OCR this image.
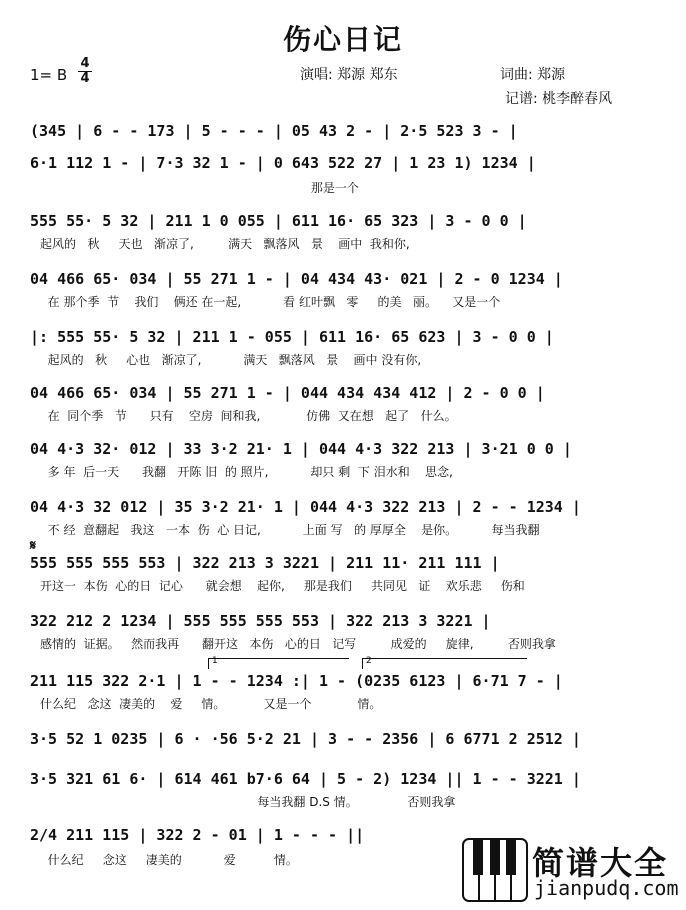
伤心日记
1= B
4
4	演唱: 郑源 郑东	词曲: 郑源
记谱: 桃李醉春风
(345 | 6 - - 173 | 5 - - - | 05 43 2 - | 2·5 523 3 - |
6·1 112 1 - | 7·3 32 1 - | 0 643 522 27 | 1 23 1) 1234 |
那是一个
555 55· 5 32 | 211 1 0 055 | 611 16· 65 323 | 3 - 0 0 |
起风的   秋     天也   渐凉了,         满天   飘落风   景    画中  我和你,
04 466 65· 034 | 55 271 1 - | 04 434 43· 021 | 2 - 0 1234 |
在 那个季  节    我们    俩还 在一起,           看 红叶飘   零     的美   丽。    又是一个
|: 555 55· 5 32 | 211 1 - 055 | 611 16· 65 623 | 3 - 0 0 |
起风的   秋     心也   渐凉了,           满天   飘落风   景    画中 没有你,
04 466 65· 034 | 55 271 1 - | 044 434 434 412 | 2 - 0 0 |
在  同个季   节      只有    空房  间和我,            仿佛  又在想   起了   什么。
04 4·3 32· 012 | 33 3·2 21· 1 | 044 4·3 322 213 | 3·21 0 0 |
多 年  后一天      我翻   开陈 旧  的 照片,           却只 剩  下 泪水和    思念,
04 4·3 32 012 | 35 3·2 21· 1 | 044 4·3 322 213 | 2 - - 1234 |
不 经  意翻起   我这   一本  伤  心 日记,           上面 写   的 厚厚全    是你。         每当我翻
𝄋
555 555 555 553 | 322 213 3 3221 | 211 11· 211 111 |
开这一  本伤  心的日  记心      就会想    起你,     那是我们     共同见   证    欢乐悲     伤和
322 212 2 1234 | 555 555 555 553 | 322 213 3 3221 |
感情的  证据。   然而我再      翻开这   本伤   心的日   记写         成爱的     旋律,         否则我拿
1	2
211 115 322 2·1 | 1 - - 1234 :| 1 - (0235 6123 | 6·71 7 - |
什么纪   念这  凄美的    爱     情。          又是一个            情。
3·5 52 1 0235 | 6 · ·56 5·2 21 | 3 - - 2356 | 6 6771 2 2512 |
3·5 321 61 6· | 614 461 b7·6 64 | 5 - 2) 1234 || 1 - - 3221 |
每当我翻 D.S 情。             否则我拿
2/4 211 115 | 322 2 - 01 | 1 - - - ||
什么纪     念这     凄美的           爱          情。	简谱大全
jianpudq.com
